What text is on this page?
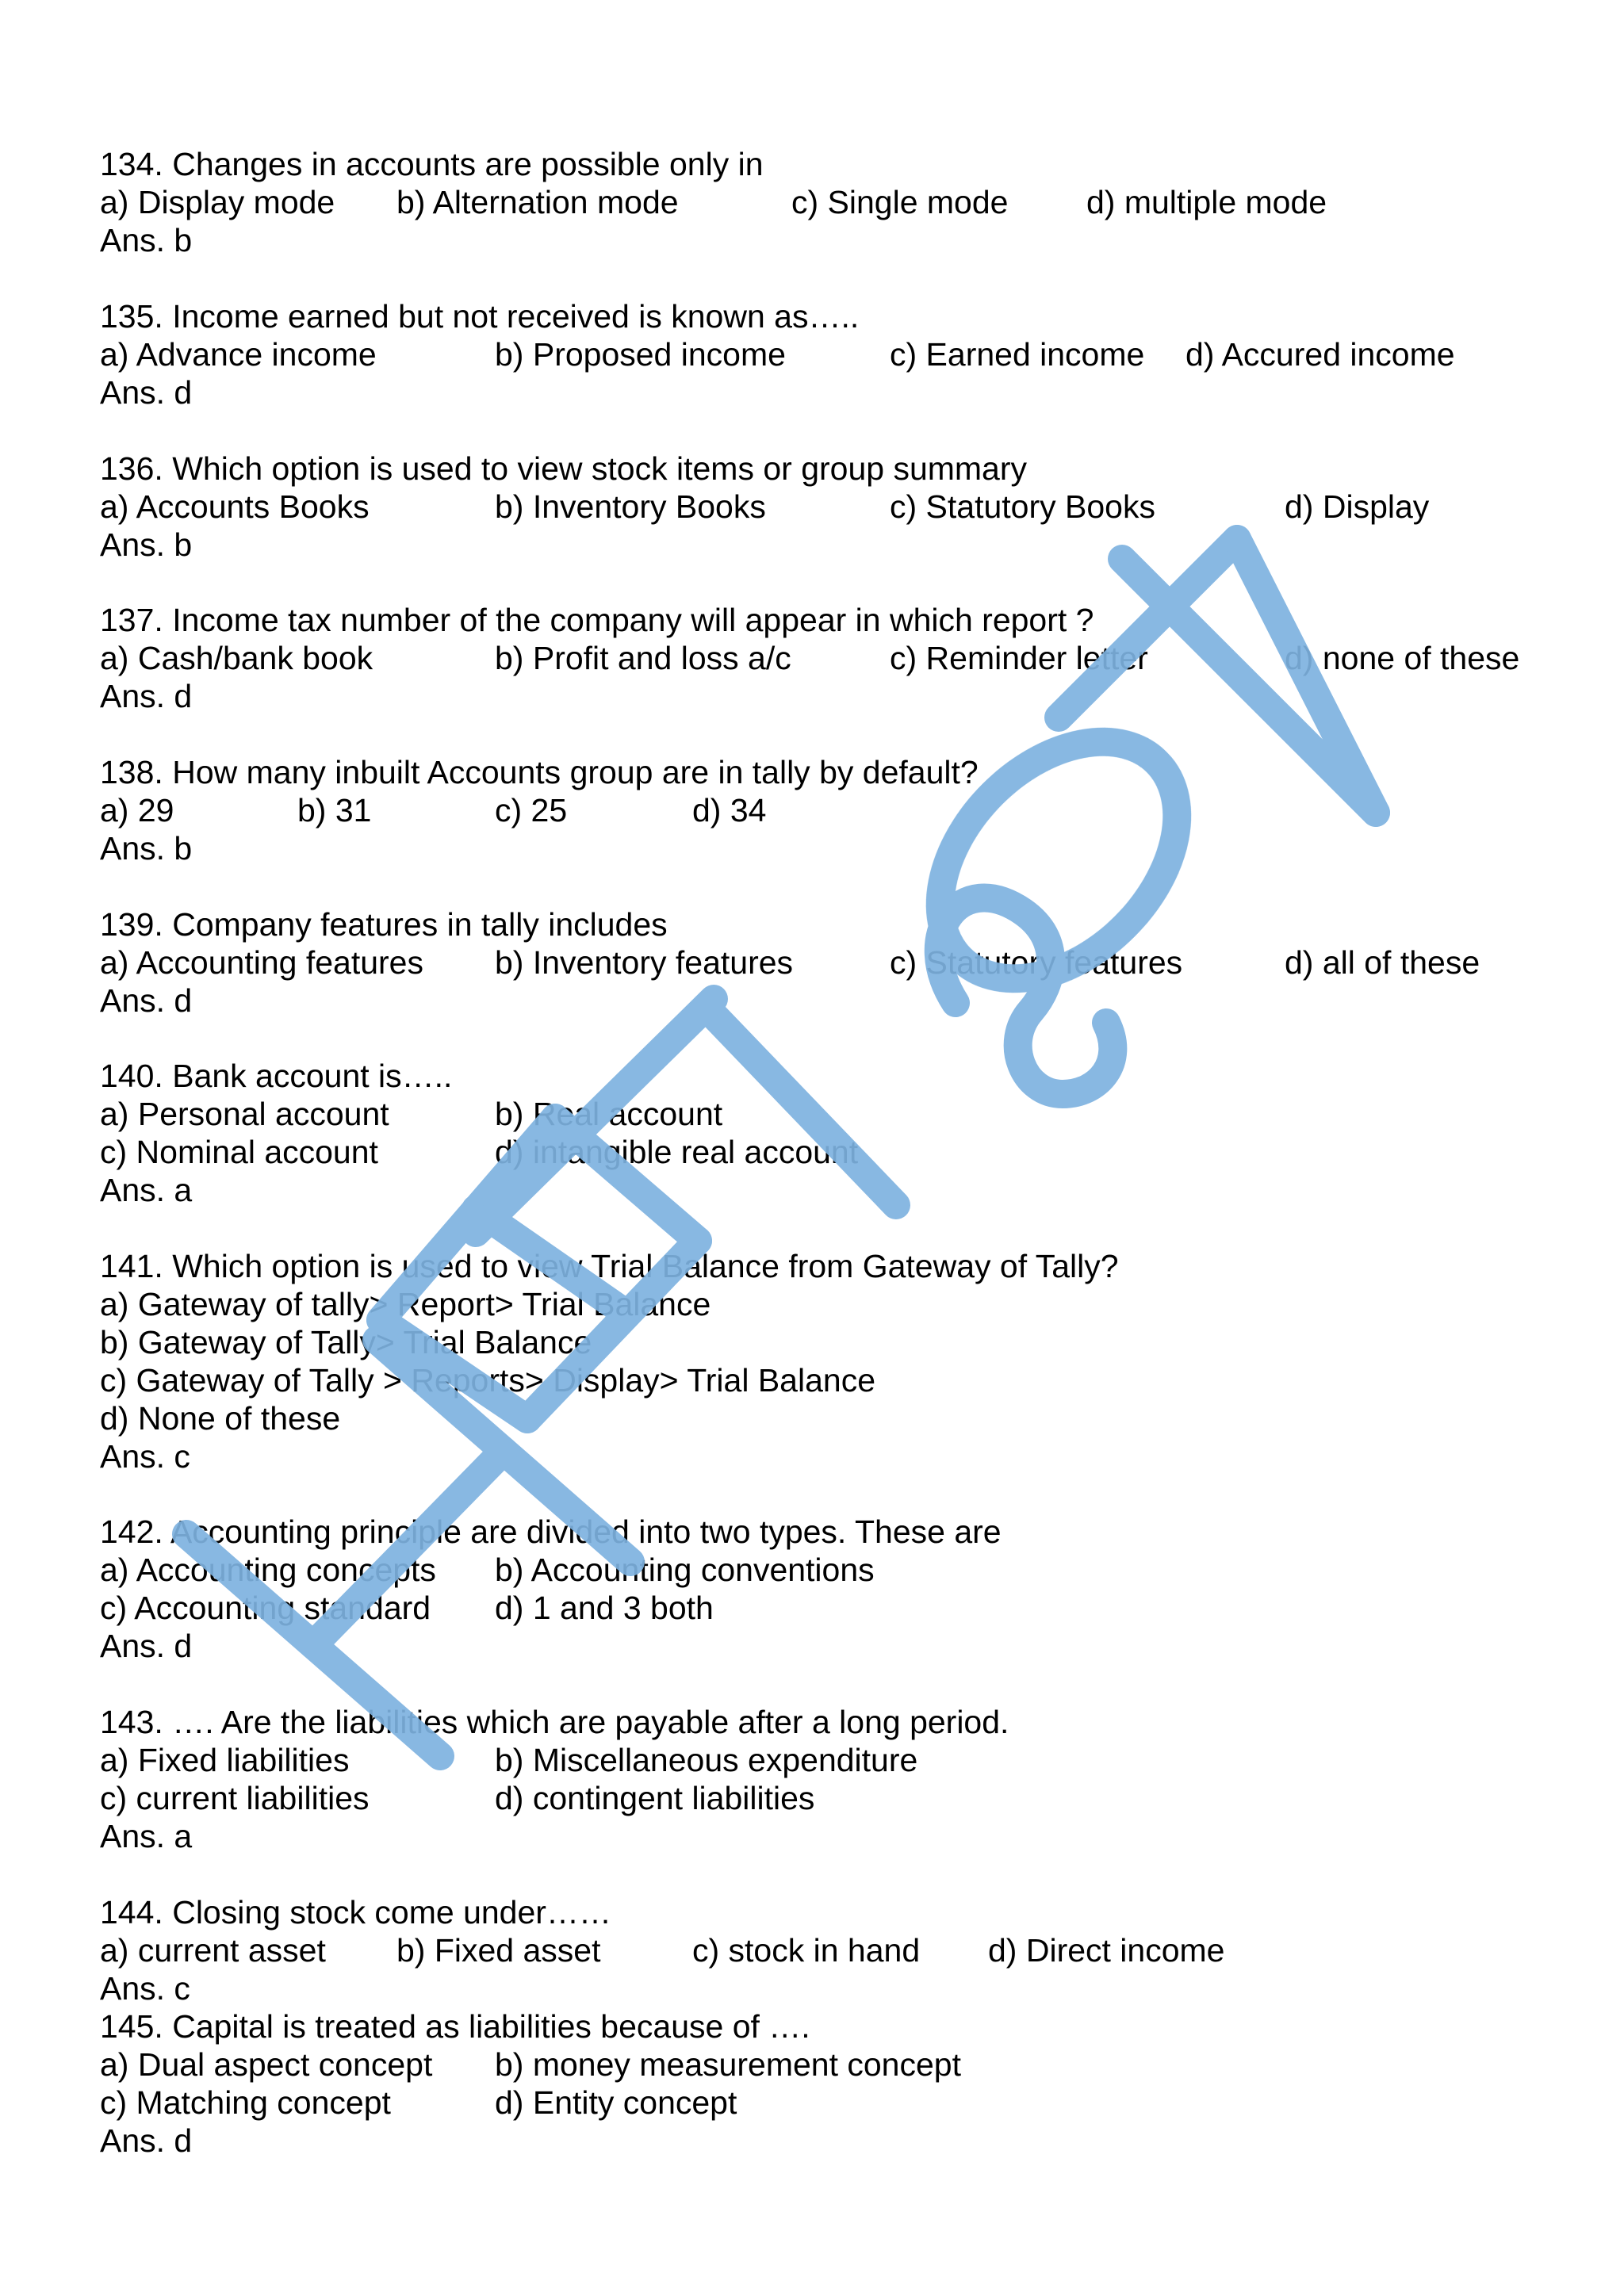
134. Changes in accounts are possible only in
a) Display mode b) Alternation mode	c) Single mode d) multiple mode
Ans. b
135. Income earned but not received is known as…..
a) Advance income	b) Proposed income	c) Earned income d) Accured income
Ans. d
136. Which option is used to view stock items or group summary
a) Accounts Books	b) Inventory Books	c) Statutory Books	d) Display
Ans. b
137. Income tax number of the company will appear in which report ?
a) Cash/bank book	b) Profit and loss a/c	c) Reminder letter	d) none of these
Ans. d
138. How many inbuilt Accounts group are in tally by default?
a) 29	b) 31	c) 25	d) 34
Ans. b
139. Company features in tally includes
a) Accounting features b) Inventory features	c) Statutory features	d) all of these
Ans. d
140. Bank account is…..
a) Personal account	b) Real account
c) Nominal account	d) intangible real account
Ans. a
141. Which option is used to view Trial Balance from Gateway of Tally?
a) Gateway of tally> Report> Trial Balance
b) Gateway of Tally> Trial Balance
c) Gateway of Tally > Reports> Display> Trial Balance
d) None of these
Ans. c
142. Accounting principle are divided into two types. These are
a) Accounting concepts b) Accounting conventions
c) Accounting standard d) 1 and 3 both
Ans. d
143. …. Are the liabilities which are payable after a long period.
a) Fixed liabilities	b) Miscellaneous expenditure
c) current liabilities	d) contingent liabilities
Ans. a
144. Closing stock come under……
a) current asset b) Fixed asset	c) stock in hand d) Direct income
Ans. c
145. Capital is treated as liabilities because of ….
a) Dual aspect concept b) money measurement concept
c) Matching concept	d) Entity concept
Ans. d
